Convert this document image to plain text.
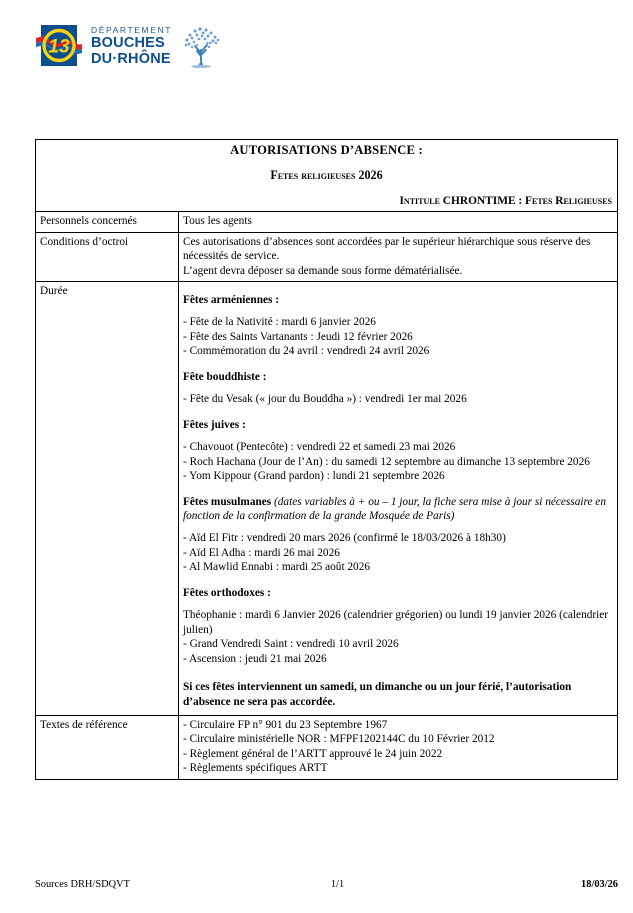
13
DÉPARTEMENT
BOUCHES
DU·RHÔNE
AUTORISATIONS D’ABSENCE :
Fetes religieuses 2026
Intitule CHRONTIME : Fetes Religieuses	

Personnels concernés	Tous les agents
Conditions d’octroi	Ces autorisations d’absences sont accordées par le supérieur hiérarchique sous réserve des nécessités de service.

L’agent devra déposer sa demande sous forme dématérialisée.

Durée	
Fêtes arméniennes :

- Fête de la Nativité : mardi 6 janvier 2026

- Fête des Saints Vartanants : Jeudi 12 février 2026

- Commémoration du 24 avril : vendredi 24 avril 2026

Fête bouddhiste :

- Fête du Vesak (« jour du Bouddha ») : vendredi 1er mai 2026

Fêtes juives :

- Chavouot (Pentecôte) : vendredi 22 et samedi 23 mai 2026

- Roch Hachana (Jour de l’An) : du samedi 12 septembre au dimanche 13 septembre 2026

- Yom Kippour (Grand pardon) : lundi 21 septembre 2026

Fêtes musulmanes (dates variables à + ou – 1 jour, la fiche sera mise à jour si nécessaire en fonction de la confirmation de la grande Mosquée de Paris)

- Aïd El Fitr : vendredi 20 mars 2026 (confirmé le 18/03/2026 à 18h30)

- Aïd El Adha : mardi 26 mai 2026

- Al Mawlid Ennabi : mardi 25 août 2026

Fêtes orthodoxes :

Théophanie : mardi 6 Janvier 2026 (calendrier grégorien) ou lundi 19 janvier 2026 (calendrier julien)

- Grand Vendredi Saint : vendredi 10 avril 2026

- Ascension : jeudi 21 mai 2026

Si ces fêtes interviennent un samedi, un dimanche ou un jour férié, l’autorisation d’absence ne sera pas accordée.

Textes de référence	- Circulaire FP n° 901 du 23 Septembre 1967

- Circulaire ministérielle NOR : MFPF1202144C du 10 Février 2012

- Règlement général de l’ARTT approuvé le 24 juin 2022

- Règlements spécifiques ARTT

Sources DRH/SDQVT	1/1	18/03/26
